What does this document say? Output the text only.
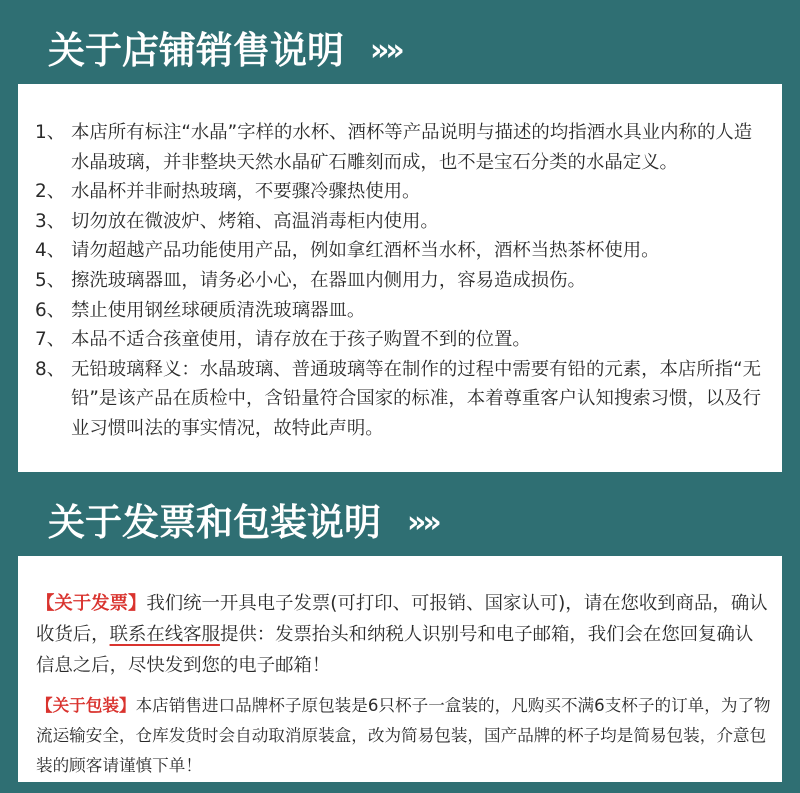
关于店铺销售说明 »»
1、 本店所有标注“水晶”字样的水杯、酒杯等产品说明与描述的均指酒水具业内称的人造水晶玻璃，并非整块天然水晶矿石雕刻而成，也不是宝石分类的水晶定义。
2、 水晶杯并非耐热玻璃，不要骤冷骤热使用。
3、 切勿放在微波炉、烤箱、高温消毒柜内使用。
4、 请勿超越产品功能使用产品，例如拿红酒杯当水杯，酒杯当热茶杯使用。
5、 擦洗玻璃器皿，请务必小心，在器皿内侧用力，容易造成损伤。
6、 禁止使用钢丝球硬质清洗玻璃器皿。
7、 本品不适合孩童使用，请存放在于孩子购置不到的位置。
8、 无铅玻璃释义：水晶玻璃、普通玻璃等在制作的过程中需要有铅的元素，本店所指“无铅”是该产品在质检中，含铅量符合国家的标准，本着尊重客户认知搜索习惯，以及行业习惯叫法的事实情况，故特此声明。
关于发票和包装说明 »»

【关于发票】我们统一开具电子发票(可打印、可报销、国家认可)，请在您收到商品，确认收货后，联系在线客服提供：发票抬头和纳税人识别号和电子邮箱，我们会在您回复确认信息之后，尽快发到您的电子邮箱！

【关于包装】本店销售进口品牌杯子原包装是6只杯子一盒装的，凡购买不满6支杯子的订单，为了物流运输安全，仓库发货时会自动取消原装盒，改为简易包装，国产品牌的杯子均是简易包装，介意包装的顾客请谨慎下单！
